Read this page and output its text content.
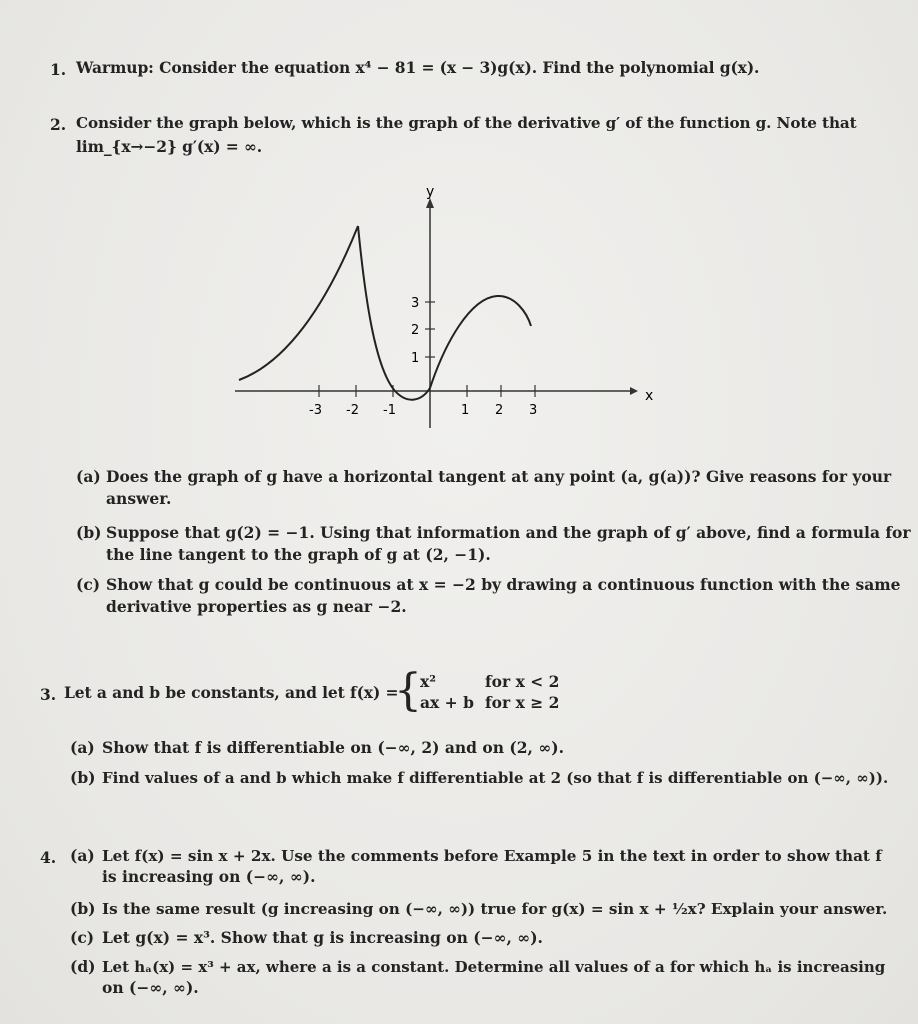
1. Warmup: Consider the equation x⁴ − 81 = (x − 3)g(x). Find the polynomial g(x).
2. Consider the graph below, which is the graph of the derivative g′ of the function g. Note that
lim_{x→−2} g′(x) = ∞.
y
x
-3 -2 -1	1 2 3
1
2
3
(a) Does the graph of g have a horizontal tangent at any point (a, g(a))? Give reasons for your
answer.
(b) Suppose that g(2) = −1. Using that information and the graph of g′ above, find a formula for
the line tangent to the graph of g at (2, −1).
(c) Show that g could be continuous at x = −2 by drawing a continuous function with the same
derivative properties as g near −2.
3. Let a and b be constants, and let f(x) =
{
x²	for x < 2
ax + b for x ≥ 2
(a) Show that f is differentiable on (−∞, 2) and on (2, ∞).
(b) Find values of a and b which make f differentiable at 2 (so that f is differentiable on (−∞, ∞)).
4. (a) Let f(x) = sin x + 2x. Use the comments before Example 5 in the text in order to show that f
is increasing on (−∞, ∞).
(b) Is the same result (g increasing on (−∞, ∞)) true for g(x) = sin x + ½x? Explain your answer.
(c) Let g(x) = x³. Show that g is increasing on (−∞, ∞).
(d) Let hₐ(x) = x³ + ax, where a is a constant. Determine all values of a for which hₐ is increasing
on (−∞, ∞).
